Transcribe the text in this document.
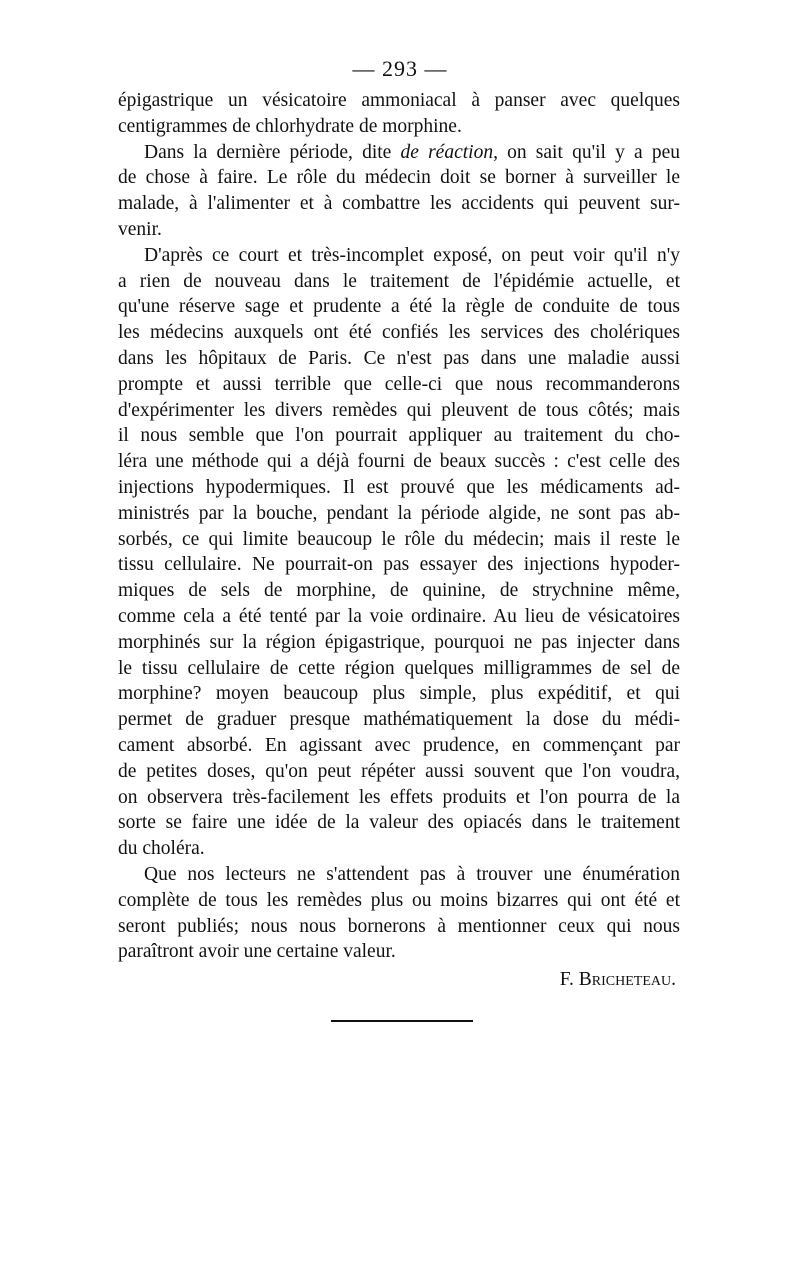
— 293 —
épigastrique un vésicatoire ammoniacal à panser avec quelques
centigrammes de chlorhydrate de morphine.
Dans la dernière période, dite de réaction, on sait qu'il y a peu
de chose à faire. Le rôle du médecin doit se borner à surveiller le
malade, à l'alimenter et à combattre les accidents qui peuvent sur-
venir.
D'après ce court et très-incomplet exposé, on peut voir qu'il n'y
a rien de nouveau dans le traitement de l'épidémie actuelle, et
qu'une réserve sage et prudente a été la règle de conduite de tous
les médecins auxquels ont été confiés les services des cholériques
dans les hôpitaux de Paris. Ce n'est pas dans une maladie aussi
prompte et aussi terrible que celle-ci que nous recommanderons
d'expérimenter les divers remèdes qui pleuvent de tous côtés; mais
il nous semble que l'on pourrait appliquer au traitement du cho-
léra une méthode qui a déjà fourni de beaux succès : c'est celle des
injections hypodermiques. Il est prouvé que les médicaments ad-
ministrés par la bouche, pendant la période algide, ne sont pas ab-
sorbés, ce qui limite beaucoup le rôle du médecin; mais il reste le
tissu cellulaire. Ne pourrait-on pas essayer des injections hypoder-
miques de sels de morphine, de quinine, de strychnine même,
comme cela a été tenté par la voie ordinaire. Au lieu de vésicatoires
morphinés sur la région épigastrique, pourquoi ne pas injecter dans
le tissu cellulaire de cette région quelques milligrammes de sel de
morphine? moyen beaucoup plus simple, plus expéditif, et qui
permet de graduer presque mathématiquement la dose du médi-
cament absorbé. En agissant avec prudence, en commençant par
de petites doses, qu'on peut répéter aussi souvent que l'on voudra,
on observera très-facilement les effets produits et l'on pourra de la
sorte se faire une idée de la valeur des opiacés dans le traitement
du choléra.
Que nos lecteurs ne s'attendent pas à trouver une énumération
complète de tous les remèdes plus ou moins bizarres qui ont été et
seront publiés; nous nous bornerons à mentionner ceux qui nous
paraîtront avoir une certaine valeur.
F. Bricheteau.
